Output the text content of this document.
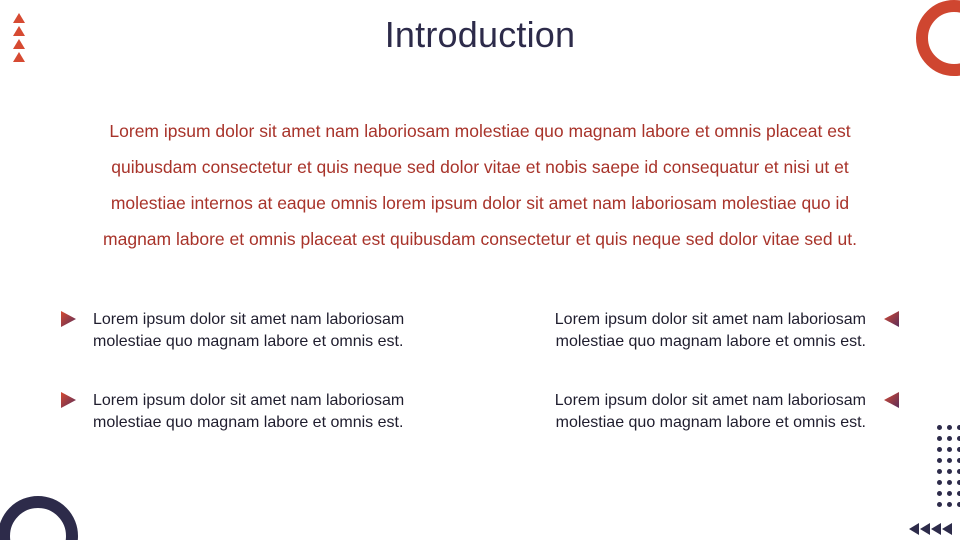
Introduction
Lorem ipsum dolor sit amet nam laboriosam molestiae quo magnam labore et omnis placeat est
quibusdam consectetur et quis neque sed dolor vitae et nobis saepe id consequatur et nisi ut et
molestiae internos at eaque omnis lorem ipsum dolor sit amet nam laboriosam molestiae quo id
magnam labore et omnis placeat est quibusdam consectetur et quis neque sed dolor vitae sed ut.
Lorem ipsum dolor sit amet nam laboriosam
molestiae quo magnam labore et omnis est.
Lorem ipsum dolor sit amet nam laboriosam
molestiae quo magnam labore et omnis est.
Lorem ipsum dolor sit amet nam laboriosam
molestiae quo magnam labore et omnis est.
Lorem ipsum dolor sit amet nam laboriosam
molestiae quo magnam labore et omnis est.
